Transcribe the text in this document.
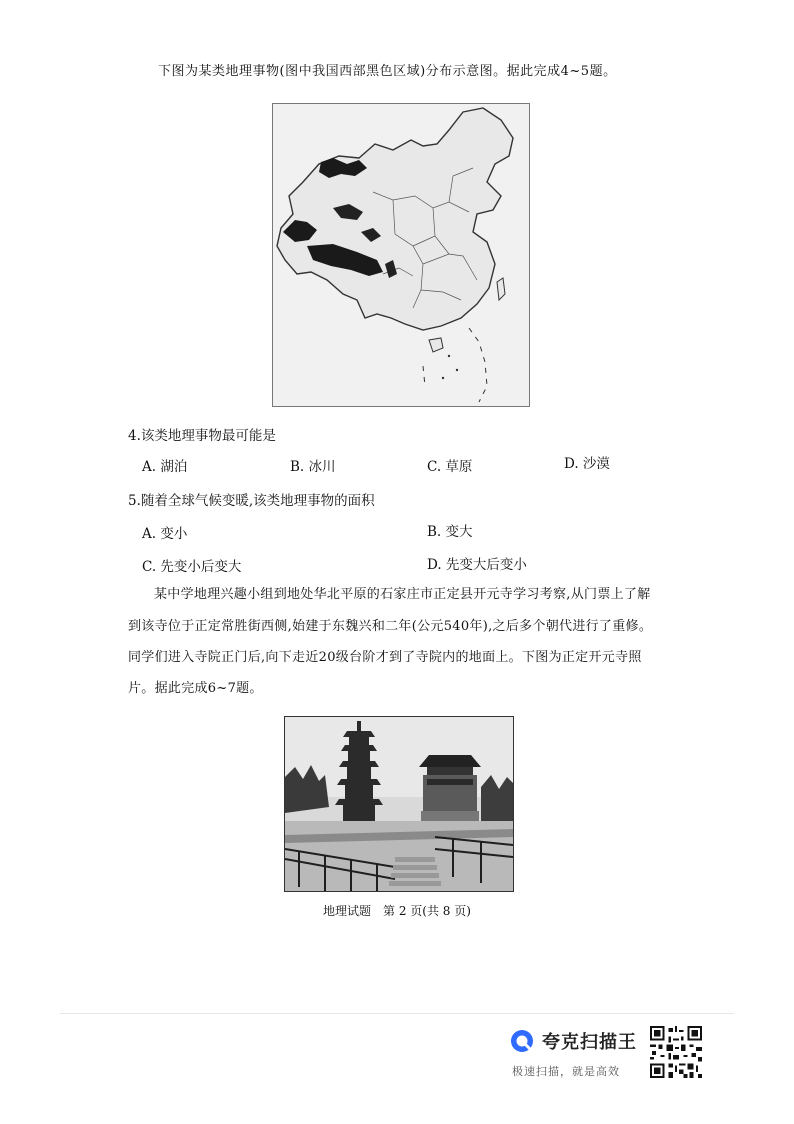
下图为某类地理事物(图中我国西部黑色区域)分布示意图。据此完成4~5题。
4.该类地理事物最可能是
A. 湖泊	B. 冰川	C. 草原	D. 沙漠
5.随着全球气候变暖,该类地理事物的面积
A. 变小	B. 变大
C. 先变小后变大	D. 先变大后变小
某中学地理兴趣小组到地处华北平原的石家庄市正定县开元寺学习考察,从门票上了解
到该寺位于正定常胜街西侧,始建于东魏兴和二年(公元540年),之后多个朝代进行了重修。
同学们进入寺院正门后,向下走近20级台阶才到了寺院内的地面上。下图为正定开元寺照
片。据此完成6~7题。
地理试题　第 2 页(共 8 页)
夸克扫描王
极速扫描，就是高效
